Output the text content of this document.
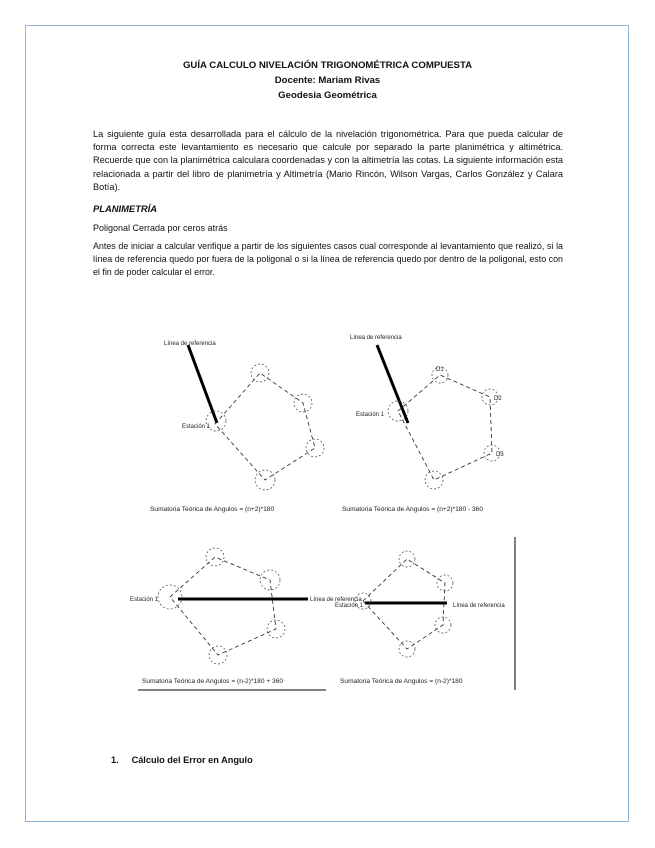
GUÍA CALCULO NIVELACIÓN TRIGONOMÉTRICA COMPUESTA
Docente: Mariam Rivas
Geodesia Geométrica

La siguiente guía esta desarrollada para el cálculo de la nivelación trigonométrica. Para que pueda calcular de forma correcta este levantamiento es necesario que calcule por separado la parte planimétrica y altimétrica. Recuerde que con la planimétrica calculara coordenadas y con la altimetría las cotas. La siguiente información esta relacionada a partir del libro de planimetría y Altimetría (Mario Rincón, Wilson Vargas, Carlos González y Calara Botía).

PLANIMETRÍA
Poligonal Cerrada por ceros atrás

Antes de iniciar a calcular verifique a partir de los siguientes casos cual corresponde al levantamiento que realizó, si la línea de referencia quedo por fuera de la poligonal o si la línea de referencia quedo por dentro de la poligonal, esto con el fin de poder calcular el error.

Línea de referencia
Estación 1
Sumatoria Teórica de Angulos = (n+2)*180
Línea de referencia
Estación 1
D1
D2
D3
Sumatoria Teórica de Angulos = (n+2)*180 - 360
Estación 1	Línea de referencia
Sumatoria Teórica de Angulos = (n-2)*180 + 360
Estación 1	Línea de referencia
Sumatoria Teórica de Angulos = (n-2)*180
1. Cálculo del Error en Angulo
